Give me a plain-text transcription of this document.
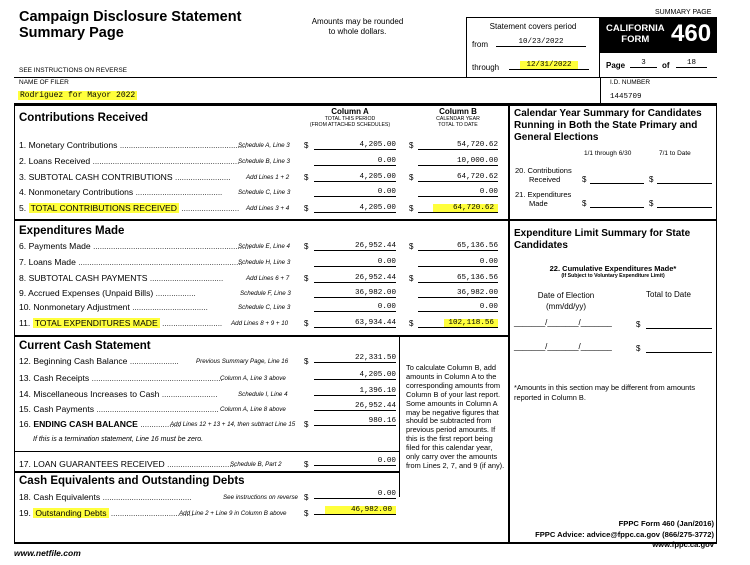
Campaign Disclosure Statement
Summary Page
Amounts may be rounded
to whole dollars.
Statement covers period
from	10/23/2022
through	12/31/2022
SUMMARY PAGE
CALIFORNIA
FORM 460
Page	3	of	18
SEE INSTRUCTIONS ON REVERSE
NAME OF FILER
Rodriguez for Mayor 2022
I.D. NUMBER
1445709
Contributions Received
Column A
TOTAL THIS PERIOD
(FROM ATTACHED SCHEDULES)
Column B
CALENDAR YEAR
TOTAL TO DATE
1. Monetary Contributions .........................................................
Schedule A, Line 3 $	4,205.00 $	54,720.62
2. Loans Received ..................................................................
Schedule B, Line 3	0.00	10,000.00
3. SUBTOTAL CASH CONTRIBUTIONS ......................... Add Lines 1 + 2 $	4,205.00 $	64,720.62
4. Nonmonetary Contributions .......................................	Schedule C, Line 3	0.00	0.00
5. TOTAL CONTRIBUTIONS RECEIVED .......................... Add Lines 3 + 4 $	4,205.00 $	64,720.62
Expenditures Made
6. Payments Made .......................................................................
Schedule E, Line 4 $	26,952.44 $	65,136.56
7. Loans Made ..........................................................................
Schedule H, Line 3	0.00	0.00
8. SUBTOTAL CASH PAYMENTS .................................	Add Lines 6 + 7 $	26,952.44 $	65,136.56
9. Accrued Expenses (Unpaid Bills) ..................	Schedule F, Line 3	36,982.00	36,982.00
10. Nonmonetary Adjustment ..................................	Schedule C, Line 3	0.00	0.00
11. TOTAL EXPENDITURES MADE ........................... Add Lines 8 + 9 + 10 $	63,934.44 $	102,118.56
Current Cash Statement
12. Beginning Cash Balance ......................	Previous Summary Page, Line 16 $	22,331.50
13. Cash Receipts ...........................................................
Column A, Line 3 above	4,205.00
14. Miscellaneous Increases to Cash .........................	Schedule I, Line 4	1,396.10
15. Cash Payments ....................................................... Column A, Line 8 above	26,952.44
16. ENDING CASH BALANCE ..................
Add Lines 12 + 13 + 14, then subtract Line 15 $	980.16
If this is a termination statement, Line 16 must be zero.
17. LOAN GUARANTEES RECEIVED ...............................
Schedule B, Part 2	$	0.00
To calculate Column B, add amounts in Column A to the corresponding amounts from Column B of your last report. Some amounts in Column A may be negative figures that should be subtracted from previous period amounts. If this is the first report being filed for this calendar year, only carry over the amounts from Lines 2, 7, and 9 (if any).
Cash Equivalents and Outstanding Debts
18. Cash Equivalents ........................................	See instructions on reverse $	0.00
19. Outstanding Debts .....................................
Add Line 2 + Line 9 in Column B above $	46,982.00
Calendar Year Summary for Candidates Running in Both the State Primary and General Elections
1/1 through 6/30	7/1 to Date
20. Contributions
Received	$	$
21. Expenditures
Made	$	$
Expenditure Limit Summary for State Candidates
22. Cumulative Expenditures Made*
(If Subject to Voluntary Expenditure Limit)
Date of Election
(mm/dd/yy)
Total to Date
_______/_______/_______	$
_______/_______/_______	$
*Amounts in this section may be different from amounts reported in Column B.
www.netfile.com
FPPC Form 460 (Jan/2016)
FPPC Advice: advice@fppc.ca.gov (866/275-3772)
www.fppc.ca.gov
